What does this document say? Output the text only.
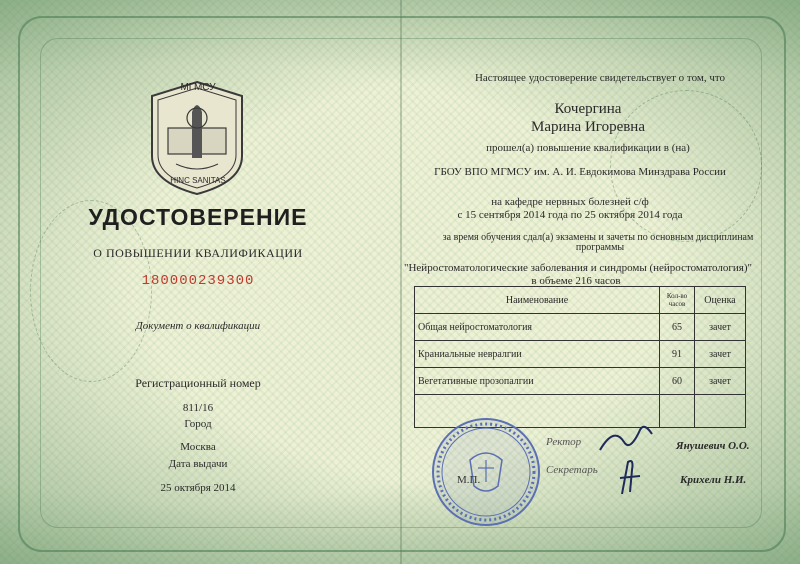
МГМСУ
HINC SANITAS
УДОСТОВЕРЕНИЕ
О ПОВЫШЕНИИ КВАЛИФИКАЦИИ
180000239300
Документ о квалификации
Регистрационный номер
811/16
Город
Москва
Дата выдачи
25 октября 2014
Настоящее удостоверение свидетельствует о том, что
Кочергина
Марина Игоревна
прошел(а) повышение квалификации в (на)
ГБОУ ВПО МГМСУ им. А. И. Евдокимова Минздрава России
на кафедре нервных болезней с/ф
с 15 сентября 2014 года по 25 октября 2014 года
за время обучения сдал(а) экзамены и зачеты по основным дисциплинам
программы
"Нейростоматологические заболевания и синдромы (нейростоматология)"
в объеме 216 часов
Наименование	Кол-во часов	Оценка
Общая нейростоматология	65	зачет
Краниальные невралгии	91	зачет
Вегетативные прозопалгии	60	зачет

М.П.
Ректор	Янушевич О.О.
Секретарь
Крихели Н.И.
